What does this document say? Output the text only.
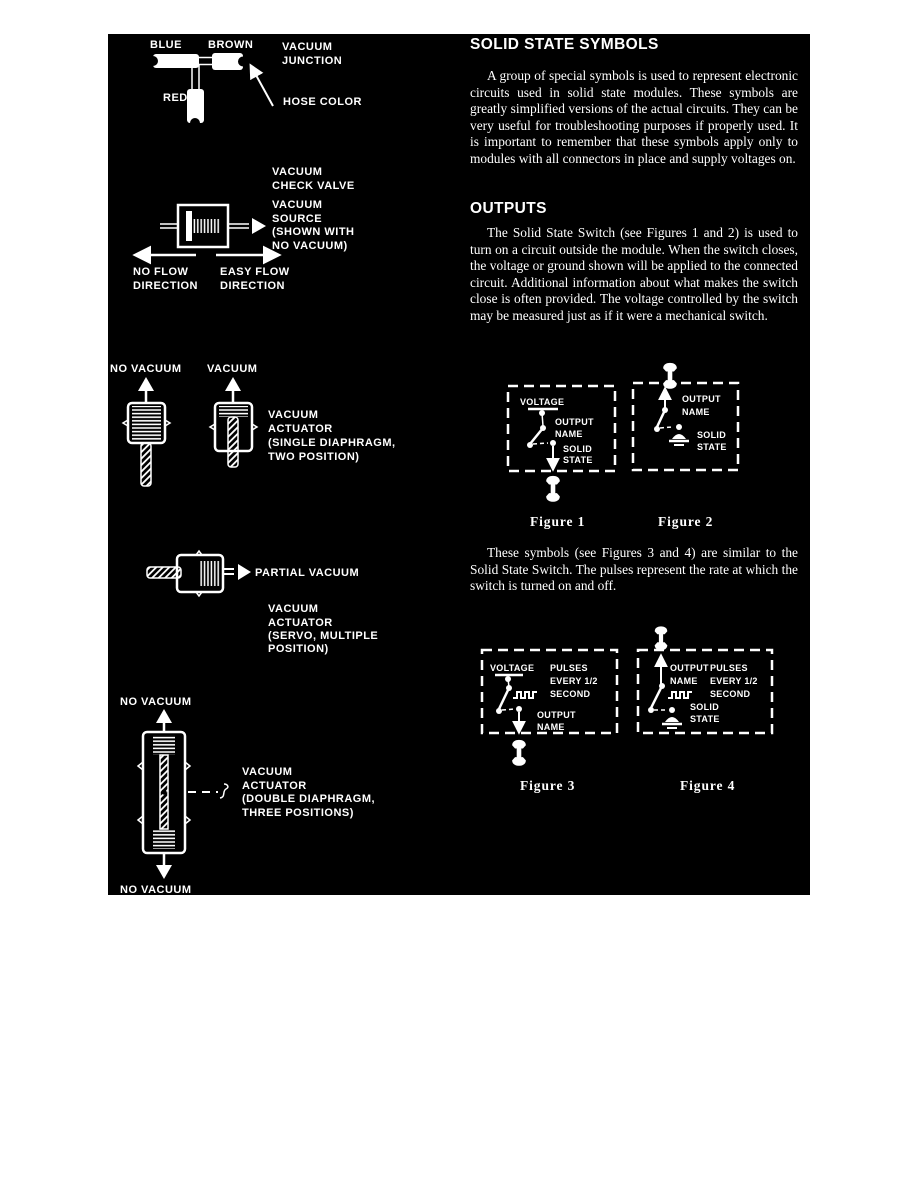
BLUE BROWN
RED
VACUUM
JUNCTION
HOSE COLOR
VACUUM
CHECK VALVE
VACUUM
SOURCE
(SHOWN WITH
NO VACUUM)
NO FLOW
DIRECTION
EASY FLOW
DIRECTION
NO VACUUM VACUUM
VACUUM
ACTUATOR
(SINGLE DIAPHRAGM,
TWO POSITION)
PARTIAL VACUUM
VACUUM
ACTUATOR
(SERVO, MULTIPLE
POSITION)
NO VACUUM
VACUUM
ACTUATOR
(DOUBLE DIAPHRAGM,
THREE POSITIONS)
NO VACUUM
SOLID STATE SYMBOLS

A group of special symbols is used to represent electronic circuits used in solid state modules. These symbols are greatly simplified versions of the actual circuits. They can be very useful for troubleshooting purposes if properly used. It is important to remember that these symbols apply only to modules with all connectors in place and supply voltages on.

OUTPUTS

The Solid State Switch (see Figures 1 and 2) is used to turn on a circuit outside the module. When the switch closes, the voltage or ground shown will be applied to the connected circuit. Additional information about what makes the switch close is often provided. The voltage controlled by the switch may be measured just as if it were a mechanical switch.

VOLTAGE
OUTPUT
NAME
SOLID
STATE
Figure 1
OUTPUT
NAME
SOLID
STATE
Figure 2

These symbols (see Figures 3 and 4) are similar to the Solid State Switch. The pulses represent the rate at which the switch is turned on and off.

VOLTAGE PULSES
EVERY 1/2
SECOND
OUTPUT
NAME
Figure 3
OUTPUT
NAME
PULSES
EVERY 1/2
SECOND
SOLID
STATE
Figure 4
